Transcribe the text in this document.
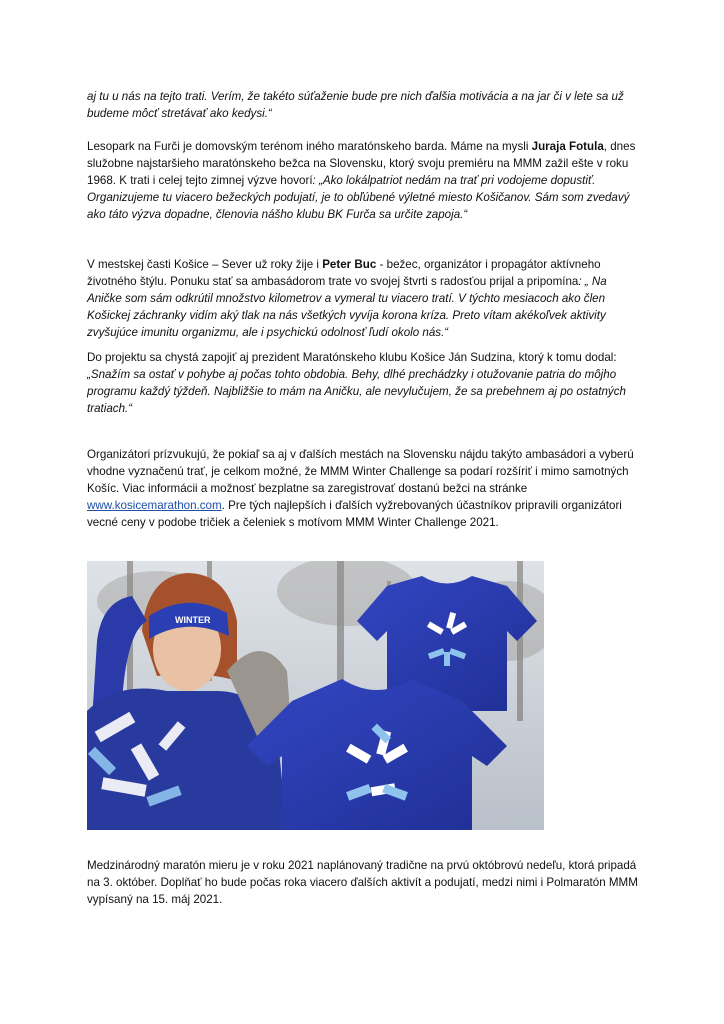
aj tu u nás na tejto trati. Verím, že takéto súťaženie bude pre nich ďalšia motivácia a na jar či v lete sa už budeme môcť stretávať ako kedysi.“

Lesopark na Furči je domovským terénom iného maratónskeho barda. Máme na mysli Juraja Fotula, dnes služobne najstaršieho maratónskeho bežca na Slovensku, ktorý svoju premiéru na MMM zažil ešte v roku 1968. K trati i celej tejto zimnej výzve hovorí: „Ako lokálpatriot nedám na trať pri vodojeme dopustiť. Organizujeme tu viacero bežeckých podujatí, je to obľúbené výletné miesto Košičanov. Sám som zvedavý ako táto výzva dopadne, členovia nášho klubu BK Furča sa určite zapoja.“

V mestskej časti Košice – Sever už roky žije i Peter Buc - bežec, organizátor i propagátor aktívneho životného štýlu. Ponuku stať sa ambasádorom trate vo svojej štvrti s radosťou prijal a pripomína: „ Na Aničke som sám odkrútil množstvo kilometrov a vymeral tu viacero tratí. V týchto mesiacoch ako člen Košickej záchranky vidím aký tlak na nás všetkých vyvíja korona kríza. Preto vítam akékoľvek aktivity zvyšujúce imunitu organizmu, ale i psychickú odolnosť ľudí okolo nás.“

Do projektu sa chystá zapojiť aj prezident Maratónskeho klubu Košice Ján Sudzina, ktorý k tomu dodal: „Snažím sa ostať v pohybe aj počas tohto obdobia. Behy, dlhé prechádzky i otužovanie patria do môjho programu každý týždeň. Najbližšie to mám na Aničku, ale nevylučujem, že sa prebehnem aj po ostatných tratiach.“

Organizátori prízvukujú, že pokiaľ sa aj v ďalších mestách na Slovensku nájdu takýto ambasádori a vyberú vhodne vyznačenú trať, je celkom možné, že MMM Winter Challenge sa podarí rozšíriť i mimo samotných Košíc. Viac informácii a možnosť bezplatne sa zaregistrovať dostanú bežci na stránke www.kosicemarathon.com. Pre tých najlepších i ďalších vyžrebovaných účastníkov pripravili organizátori vecné ceny v podobe tričiek a čeleniek s motívom MMM Winter Challenge 2021.

WINTER

Medzinárodný maratón mieru je v roku 2021 naplánovaný tradične na prvú októbrovú nedeľu, ktorá pripadá na 3. október. Doplňať ho bude počas roka viacero ďalších aktivít a podujatí, medzi nimi i Polmaratón MMM vypísaný na 15. máj 2021.
